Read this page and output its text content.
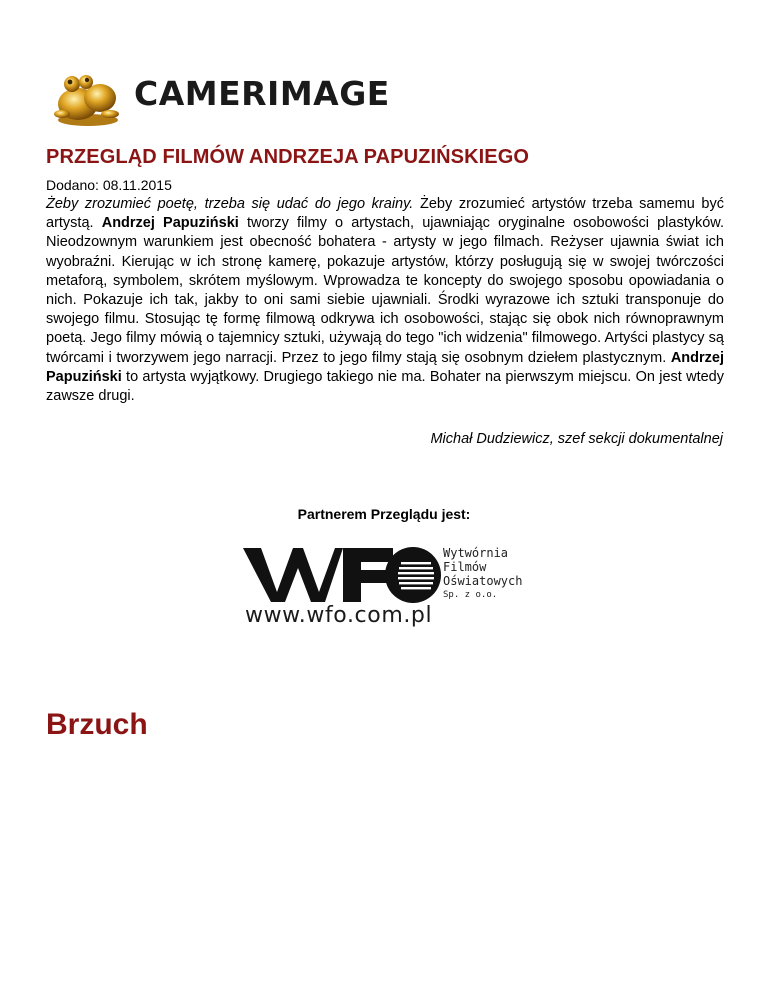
CAMERIMAGE
PRZEGLĄD FILMÓW ANDRZEJA PAPUZIŃSKIEGO
Dodano: 08.11.2015
Żeby zrozumieć poetę, trzeba się udać do jego krainy. Żeby zrozumieć artystów trzeba samemu być artystą. Andrzej Papuziński tworzy filmy o artystach, ujawniając oryginalne osobowości plastyków. Nieodzownym warunkiem jest obecność bohatera - artysty w jego filmach. Reżyser ujawnia świat ich wyobraźni. Kierując w ich stronę kamerę, pokazuje artystów, którzy posługują się w swojej twórczości metaforą, symbolem, skrótem myślowym. Wprowadza te koncepty do swojego sposobu opowiadania o nich. Pokazuje ich tak, jakby to oni sami siebie ujawniali. Środki wyrazowe ich sztuki transponuje do swojego filmu. Stosując tę formę filmową odkrywa ich osobowości, stając się obok nich równoprawnym poetą. Jego filmy mówią o tajemnicy sztuki, używają do tego "ich widzenia" filmowego. Artyści plastycy są twórcami i tworzywem jego narracji. Przez to jego filmy stają się osobnym dziełem plastycznym. Andrzej Papuziński to artysta wyjątkowy. Drugiego takiego nie ma. Bohater na pierwszym miejscu. On jest wtedy zawsze drugi.
Michał Dudziewicz, szef sekcji dokumentalnej
Partnerem Przeglądu jest:
www.wfo.com.pl
Wytwórnia
Filmów
Oświatowych
Sp. z o.o.
Brzuch
